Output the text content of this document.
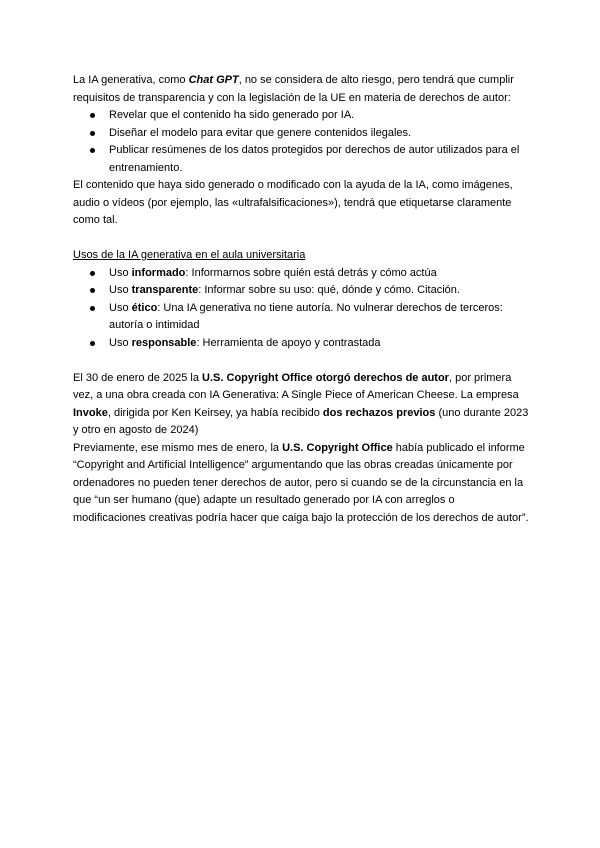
La IA generativa, como Chat GPT, no se considera de alto riesgo, pero tendrá que cumplir requisitos de transparencia y con la legislación de la UE en materia de derechos de autor:

Revelar que el contenido ha sido generado por IA.
Diseñar el modelo para evitar que genere contenidos ilegales.
Publicar resúmenes de los datos protegidos por derechos de autor utilizados para el entrenamiento.

El contenido que haya sido generado o modificado con la ayuda de la IA, como imágenes, audio o vídeos (por ejemplo, las «ultrafalsificaciones»), tendrá que etiquetarse claramente como tal.

Usos de la IA generativa en el aula universitaria

Uso informado: Informarnos sobre quién está detrás y cómo actúa
Uso transparente: Informar sobre su uso: qué, dónde y cómo. Citación.
Uso ético: Una IA generativa no tiene autoría. No vulnerar derechos de terceros: autoría o intimidad
Uso responsable: Herramienta de apoyo y contrastada

El 30 de enero de 2025 la U.S. Copyright Office otorgó derechos de autor, por primera vez, a una obra creada con IA Generativa: A Single Piece of American Cheese. La empresa Invoke, dirigida por Ken Keirsey, ya había recibido dos rechazos previos (uno durante 2023 y otro en agosto de 2024)

Previamente, ese mismo mes de enero, la U.S. Copyright Office había publicado el informe “Copyright and Artificial Intelligence” argumentando que las obras creadas únicamente por ordenadores no pueden tener derechos de autor, pero si cuando se de la circunstancia en la que “un ser humano (que) adapte un resultado generado por IA con arreglos o modificaciones creativas podría hacer que caiga bajo la protección de los derechos de autor”.
